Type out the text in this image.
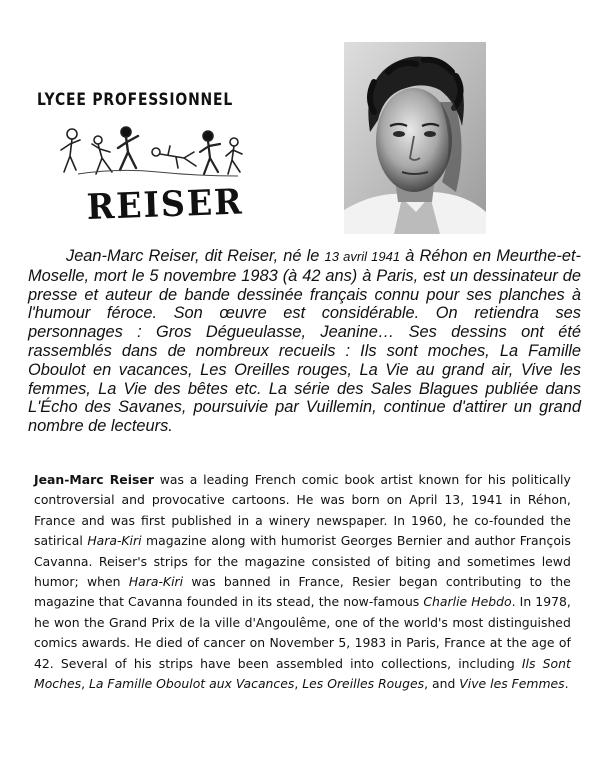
LYCEE PROFESSIONNEL
REISER

Jean-Marc Reiser, dit Reiser, né le 13 avril 1941 à Réhon en Meurthe-et-Moselle, mort le 5 novembre 1983 (à 42 ans) à Paris, est un dessinateur de presse et auteur de bande dessinée français connu pour ses planches à l'humour féroce. Son œuvre est considérable. On retiendra ses personnages : Gros Dégueulasse, Jeanine… Ses dessins ont été rassemblés dans de nombreux recueils : Ils sont moches, La Famille Oboulot en vacances, Les Oreilles rouges, La Vie au grand air, Vive les femmes, La Vie des bêtes etc. La série des Sales Blagues publiée dans L'Écho des Savanes, poursuivie par Vuillemin, continue d'attirer un grand nombre de lecteurs.

Jean-Marc Reiser was a leading French comic book artist known for his politically controversial and provocative cartoons. He was born on April 13, 1941 in Réhon, France and was first published in a winery newspaper. In 1960, he co-founded the satirical Hara-Kiri magazine along with humorist Georges Bernier and author François Cavanna. Reiser's strips for the magazine consisted of biting and sometimes lewd humor; when Hara-Kiri was banned in France, Resier began contributing to the magazine that Cavanna founded in its stead, the now-famous Charlie Hebdo. In 1978, he won the Grand Prix de la ville d'Angoulême, one of the world's most distinguished comics awards. He died of cancer on November 5, 1983 in Paris, France at the age of 42. Several of his strips have been assembled into collections, including Ils Sont Moches, La Famille Oboulot aux Vacances, Les Oreilles Rouges, and Vive les Femmes.
